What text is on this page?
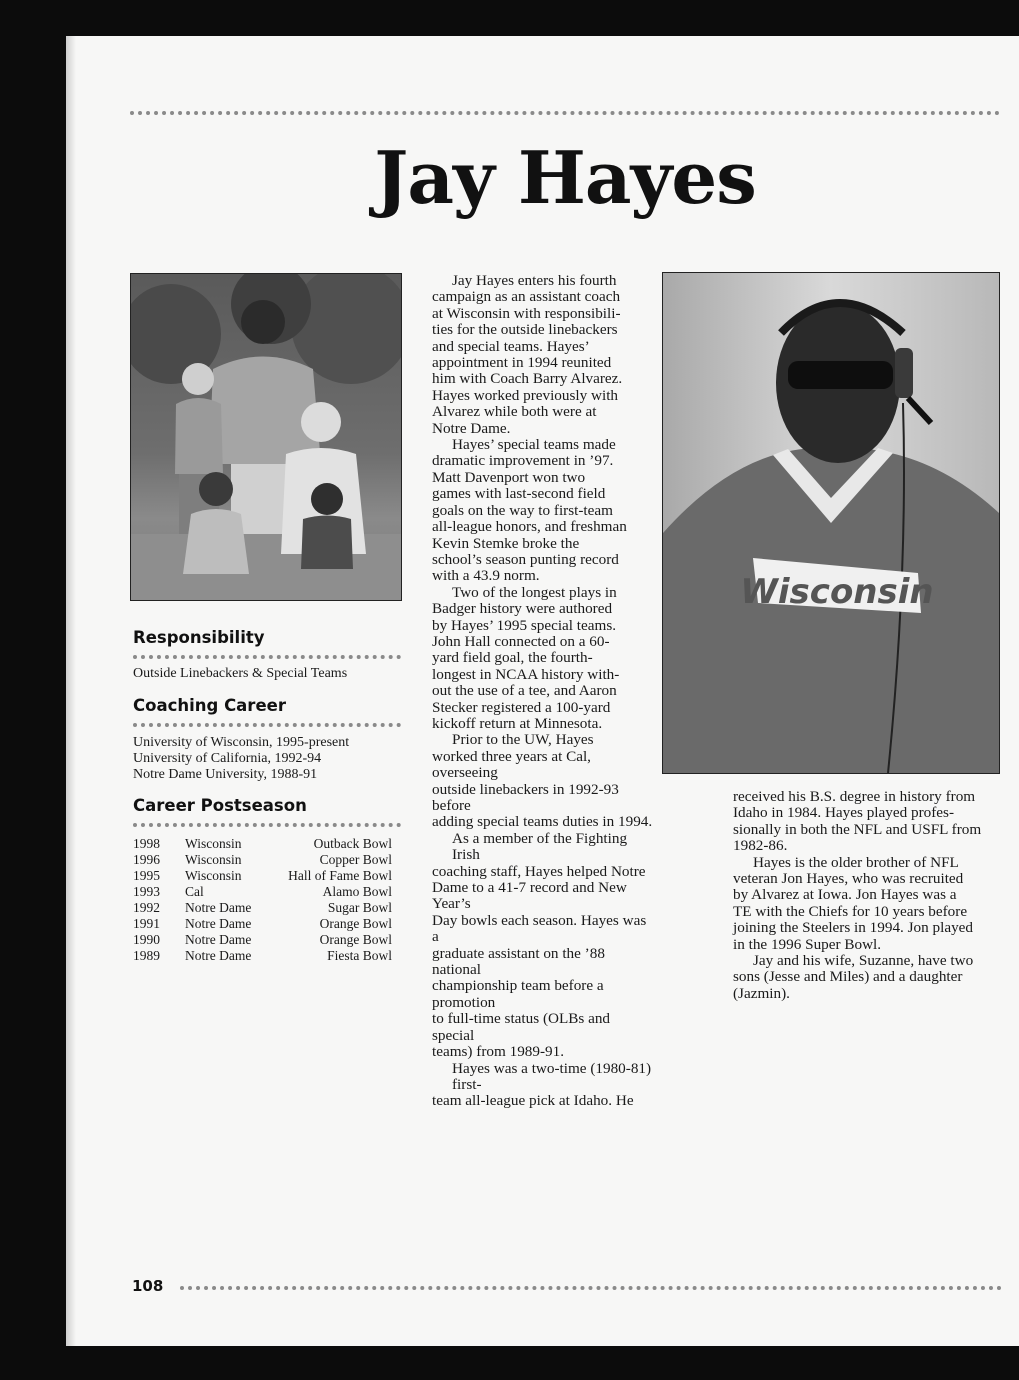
Jay Hayes
Wisconsin
Responsibility
Outside Linebackers & Special Teams
Coaching Career
University of Wisconsin, 1995-present
University of California, 1992-94
Notre Dame University, 1988-91
Career Postseason
1998	Wisconsin	Outback Bowl
1996	Wisconsin	Copper Bowl
1995	Wisconsin	Hall of Fame Bowl
1993	Cal	Alamo Bowl
1992	Notre Dame	Sugar Bowl
1991	Notre Dame	Orange Bowl
1990	Notre Dame	Orange Bowl
1989	Notre Dame	Fiesta Bowl
Jay Hayes enters his fourth
campaign as an assistant coach
at Wisconsin with responsibili-
ties for the outside linebackers
and special teams. Hayes’
appointment in 1994 reunited
him with Coach Barry Alvarez.
Hayes worked previously with
Alvarez while both were at
Notre Dame.
Hayes’ special teams made
dramatic improvement in ’97.
Matt Davenport won two
games with last-second field
goals on the way to first-team
all-league honors, and freshman
Kevin Stemke broke the
school’s season punting record
with a 43.9 norm.
Two of the longest plays in
Badger history were authored
by Hayes’ 1995 special teams.
John Hall connected on a 60-
yard field goal, the fourth-
longest in NCAA history with-
out the use of a tee, and Aaron
Stecker registered a 100-yard
kickoff return at Minnesota.
Prior to the UW, Hayes
worked three years at Cal, overseeing
outside linebackers in 1992-93 before
adding special teams duties in 1994.
As a member of the Fighting Irish
coaching staff, Hayes helped Notre
Dame to a 41-7 record and New Year’s
Day bowls each season. Hayes was a
graduate assistant on the ’88 national
championship team before a promotion
to full-time status (OLBs and special
teams) from 1989-91.
Hayes was a two-time (1980-81) first-
team all-league pick at Idaho. He
received his B.S. degree in history from
Idaho in 1984. Hayes played profes-
sionally in both the NFL and USFL from
1982-86.
Hayes is the older brother of NFL
veteran Jon Hayes, who was recruited
by Alvarez at Iowa. Jon Hayes was a
TE with the Chiefs for 10 years before
joining the Steelers in 1994. Jon played
in the 1996 Super Bowl.
Jay and his wife, Suzanne, have two
sons (Jesse and Miles) and a daughter
(Jazmin).
108
